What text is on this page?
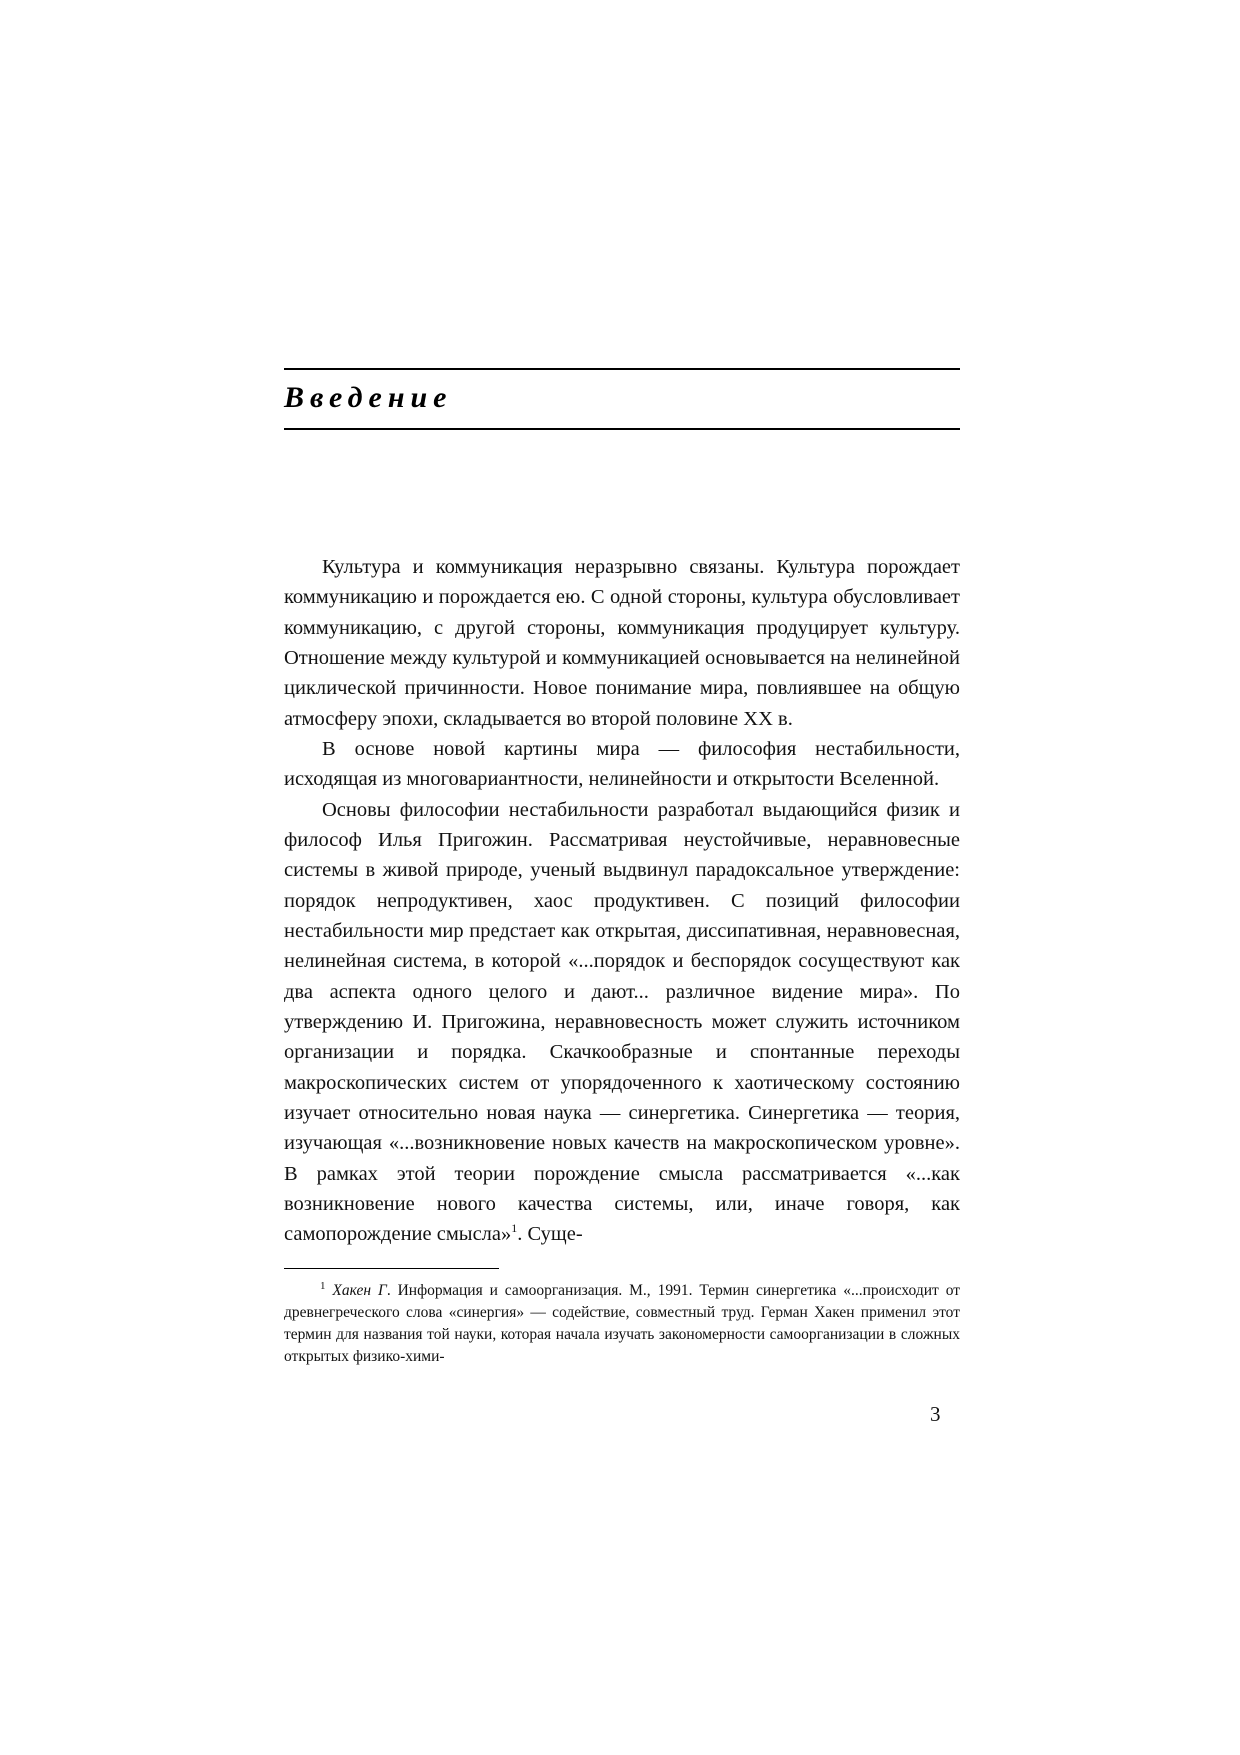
Введение

Культура и коммуникация неразрывно связаны. Культура порождает коммуникацию и порождается ею. С одной стороны, культура обусловливает коммуникацию, с другой стороны, коммуникация продуцирует культуру. Отношение между культурой и коммуникацией основывается на нелинейной циклической причинности. Новое понимание мира, повлиявшее на общую атмосферу эпохи, складывается во второй половине XX в.

В основе новой картины мира — философия нестабильности, исходящая из многовариантности, нелинейности и открытости Вселенной.

Основы философии нестабильности разработал выдающийся физик и философ Илья Пригожин. Рассматривая неустойчивые, неравновесные системы в живой природе, ученый выдвинул парадоксальное утверждение: порядок непродуктивен, хаос продуктивен. С позиций философии нестабильности мир предстает как открытая, диссипативная, неравновесная, нелинейная система, в которой «...порядок и беспорядок сосуществуют как два аспекта одного целого и дают... различное видение мира». По утверждению И. Пригожина, неравновесность может служить источником организации и порядка. Скачкообразные и спонтанные переходы макроскопических систем от упорядоченного к хаотическому состоянию изучает относительно новая наука — синергетика. Синергетика — теория, изучающая «...возникновение новых качеств на макроскопическом уровне». В рамках этой теории порождение смысла рассматривается «...как возникновение нового качества системы, или, иначе говоря, как самопорождение смысла»$^1$. Суще-

$^1$ Хакен Г. Информация и самоорганизация. М., 1991. Термин синергетика «...происходит от древнегреческого слова «синергия» — содействие, совместный труд. Герман Хакен применил этот термин для названия той науки, которая начала изучать закономерности самоорганизации в сложных открытых физико-хими-

3
